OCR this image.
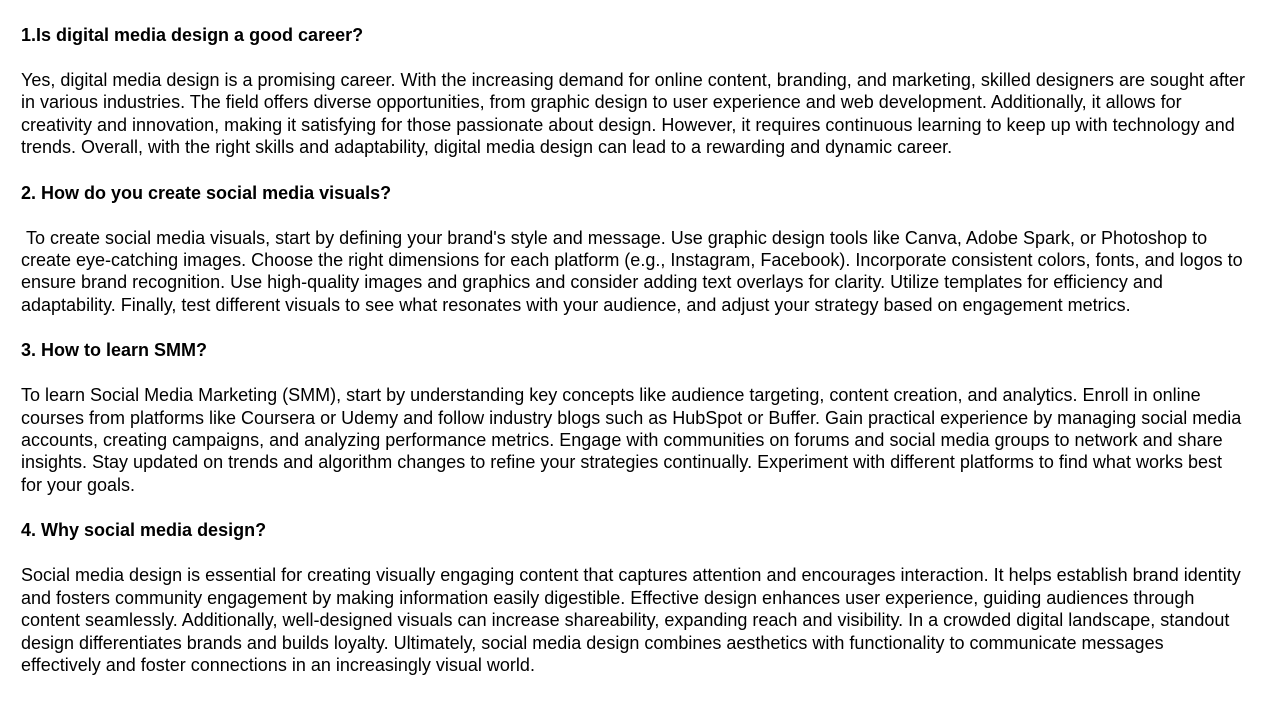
1.Is digital media design a good career?

Yes, digital media design is a promising career. With the increasing demand for online content, branding, and marketing, skilled designers are sought after in various industries. The field offers diverse opportunities, from graphic design to user experience and web development. Additionally, it allows for creativity and innovation, making it satisfying for those passionate about design. However, it requires continuous learning to keep up with technology and trends. Overall, with the right skills and adaptability, digital media design can lead to a rewarding and dynamic career.

2. How do you create social media visuals?

To create social media visuals, start by defining your brand's style and message. Use graphic design tools like Canva, Adobe Spark, or Photoshop to create eye-catching images. Choose the right dimensions for each platform (e.g., Instagram, Facebook). Incorporate consistent colors, fonts, and logos to ensure brand recognition. Use high-quality images and graphics and consider adding text overlays for clarity. Utilize templates for efficiency and adaptability. Finally, test different visuals to see what resonates with your audience, and adjust your strategy based on engagement metrics.

3. How to learn SMM?

To learn Social Media Marketing (SMM), start by understanding key concepts like audience targeting, content creation, and analytics. Enroll in online courses from platforms like Coursera or Udemy and follow industry blogs such as HubSpot or Buffer. Gain practical experience by managing social media accounts, creating campaigns, and analyzing performance metrics. Engage with communities on forums and social media groups to network and share insights. Stay updated on trends and algorithm changes to refine your strategies continually. Experiment with different platforms to find what works best for your goals.

4. Why social media design?

Social media design is essential for creating visually engaging content that captures attention and encourages interaction. It helps establish brand identity and fosters community engagement by making information easily digestible. Effective design enhances user experience, guiding audiences through content seamlessly. Additionally, well-designed visuals can increase shareability, expanding reach and visibility. In a crowded digital landscape, standout design differentiates brands and builds loyalty. Ultimately, social media design combines aesthetics with functionality to communicate messages effectively and foster connections in an increasingly visual world.
